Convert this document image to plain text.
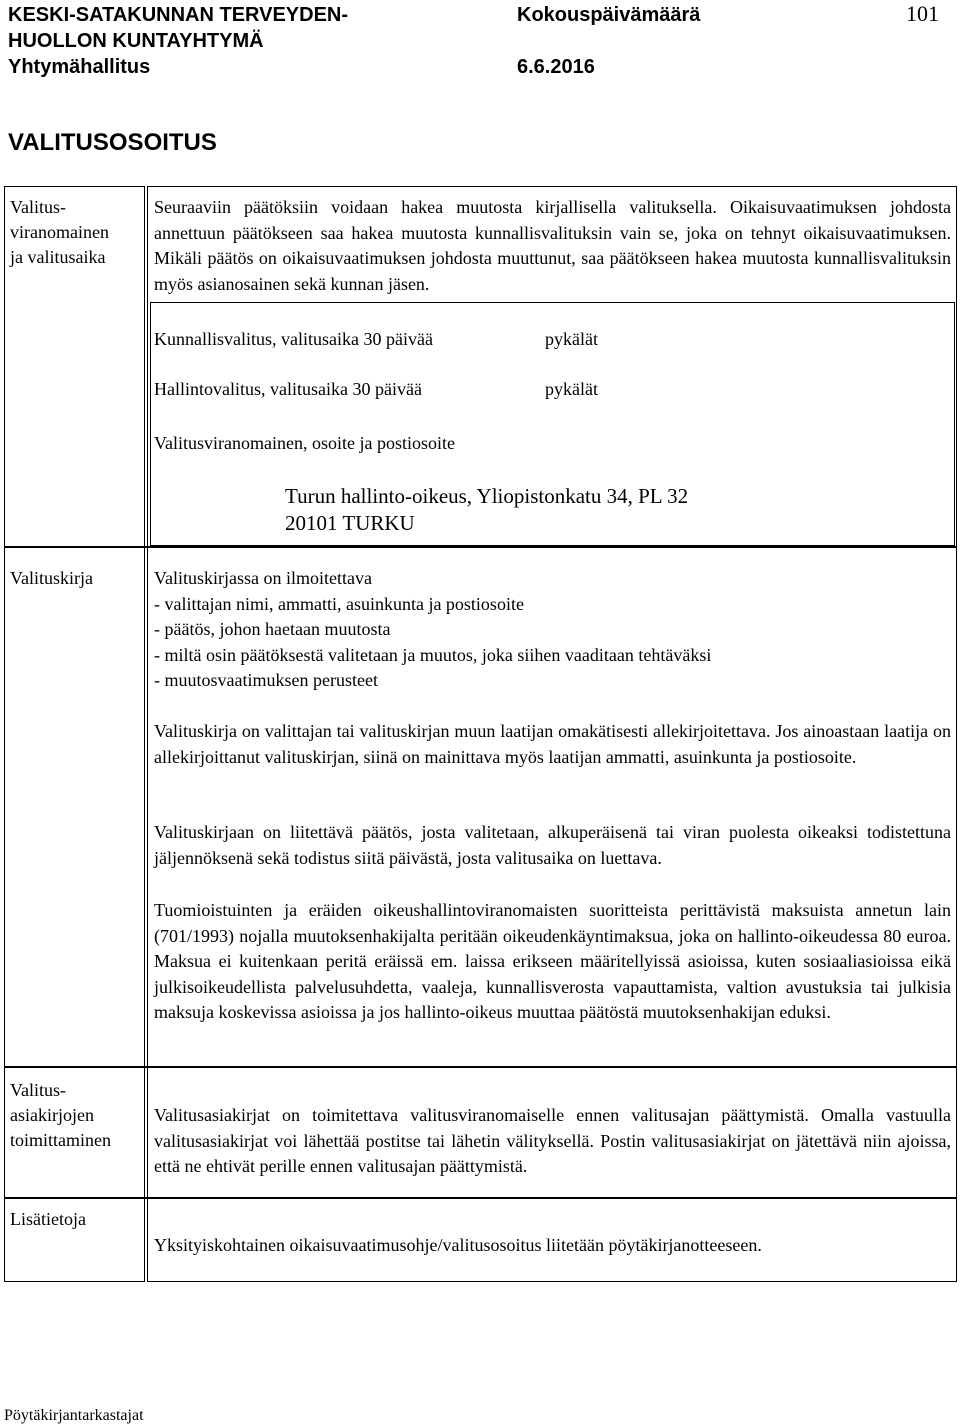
KESKI-SATAKUNNAN TERVEYDEN-
HUOLLON KUNTAYHTYMÄ
Yhtymähallitus
Kokouspäivämäärä
6.6.2016
101
VALITUSOSOITUS
Valitus-
viranomainen
ja valitusaika
Seuraaviin päätöksiin voidaan hakea muutosta kirjallisella valituksella. Oikaisuvaatimuksen johdosta annettuun päätökseen saa hakea muutosta kunnallisvalituksin vain se, joka on tehnyt oikaisuvaatimuksen. Mikäli päätös on oikaisuvaatimuksen johdosta muuttunut, saa päätökseen hakea muutosta kunnallisvalituksin myös asianosainen sekä kunnan jäsen.
Kunnallisvalitus, valitusaika 30 päivää	pykälät
Hallintovalitus, valitusaika 30 päivää	pykälät
Valitusviranomainen, osoite ja postiosoite
Turun hallinto-oikeus, Yliopistonkatu 34, PL 32
20101 TURKU
Valituskirja	Valituskirjassa on ilmoitettava
- valittajan nimi, ammatti, asuinkunta ja postiosoite
- päätös, johon haetaan muutosta
- miltä osin päätöksestä valitetaan ja muutos, joka siihen vaaditaan tehtäväksi
- muutosvaatimuksen perusteet
Valituskirja on valittajan tai valituskirjan muun laatijan omakätisesti allekirjoitettava. Jos ainoastaan laatija on allekirjoittanut valituskirjan, siinä on mainittava myös laatijan ammatti, asuinkunta ja postiosoite.
Valituskirjaan on liitettävä päätös, josta valitetaan, alkuperäisenä tai viran puolesta oikeaksi todistettuna jäljennöksenä sekä todistus siitä päivästä, josta valitusaika on luettava.
Tuomioistuinten ja eräiden oikeushallintoviranomaisten suoritteista perittävistä maksuista annetun lain (701/1993) nojalla muutoksenhakijalta peritään oikeudenkäyntimaksua, joka on hallinto-oikeudessa 80 euroa. Maksua ei kuitenkaan peritä eräissä em. laissa erikseen määritellyissä asioissa, kuten sosiaaliasioissa eikä julkisoikeudellista palvelusuhdetta, vaaleja, kunnallisverosta vapauttamista, valtion avustuksia tai julkisia maksuja koskevissa asioissa ja jos hallinto-oikeus muuttaa päätöstä muutoksenhakijan eduksi.
Valitus-
asiakirjojen
toimittaminen
Valitusasiakirjat on toimitettava valitusviranomaiselle ennen valitusajan päättymistä. Omalla vastuulla valitusasiakirjat voi lähettää postitse tai lähetin välityksellä. Postin valitusasiakirjat on jätettävä niin ajoissa, että ne ehtivät perille ennen valitusajan päättymistä.
Lisätietoja
Yksityiskohtainen oikaisuvaatimusohje/valitusosoitus liitetään pöytäkirjanotteeseen.
Pöytäkirjantarkastajat
